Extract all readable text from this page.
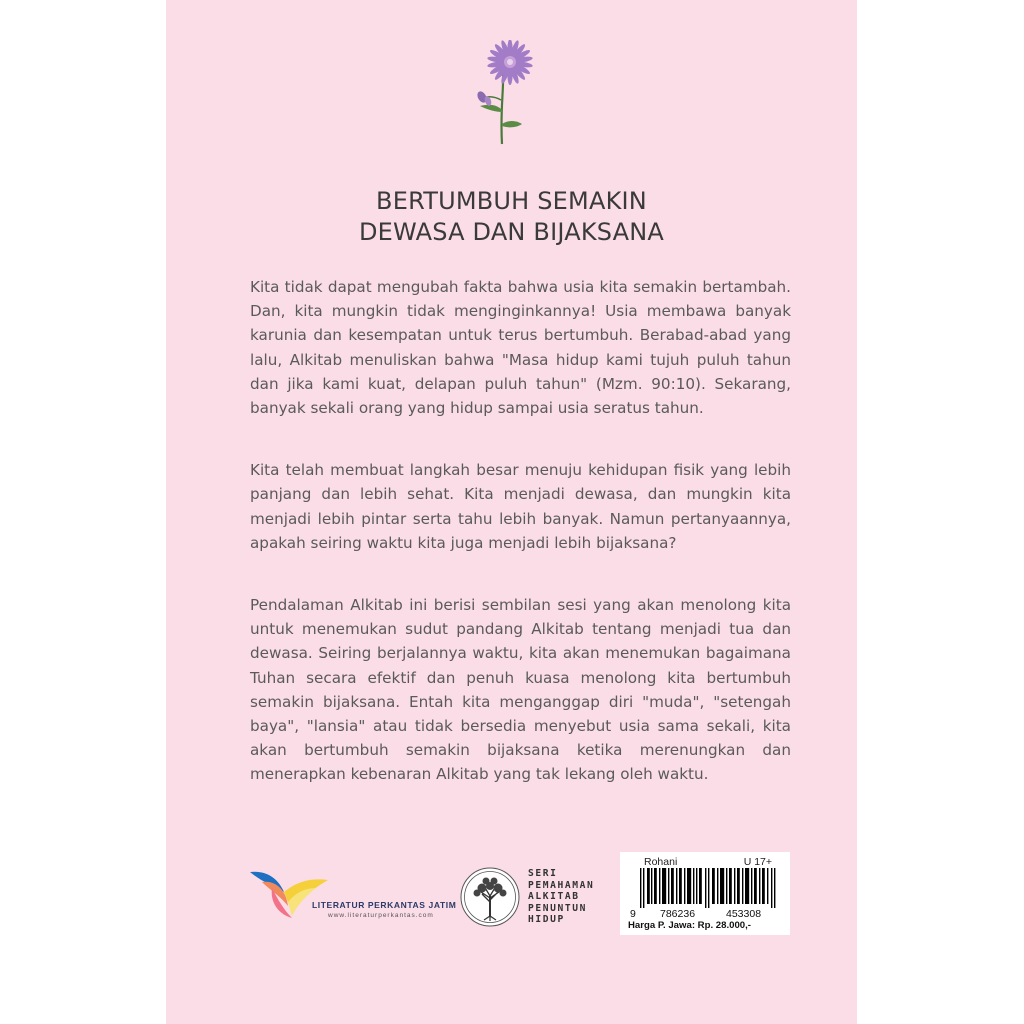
BERTUMBUH SEMAKIN
DEWASA DAN BIJAKSANA

Kita tidak dapat mengubah fakta bahwa usia kita semakin bertambah. Dan, kita mungkin tidak menginginkannya! Usia membawa banyak karunia dan kesempatan untuk terus bertumbuh. Berabad-abad yang lalu, Alkitab menuliskan bahwa "Masa hidup kami tujuh puluh tahun dan jika kami kuat, delapan puluh tahun" (Mzm. 90:10). Sekarang, banyak sekali orang yang hidup sampai usia seratus tahun.

Kita telah membuat langkah besar menuju kehidupan fisik yang lebih panjang dan lebih sehat. Kita menjadi dewasa, dan mungkin kita menjadi lebih pintar serta tahu lebih banyak. Namun pertanyaannya, apakah seiring waktu kita juga menjadi lebih bijaksana?

Pendalaman Alkitab ini berisi sembilan sesi yang akan menolong kita untuk menemukan sudut pandang Alkitab tentang menjadi tua dan dewasa. Seiring berjalannya waktu, kita akan menemukan bagaimana Tuhan secara efektif dan penuh kuasa menolong kita bertumbuh semakin bijaksana. Entah kita menganggap diri "muda", "setengah baya", "lansia" atau tidak bersedia menyebut usia sama sekali, kita akan bertumbuh semakin bijaksana ketika merenungkan dan menerapkan kebenaran Alkitab yang tak lekang oleh waktu.

LITERATUR PERKANTAS JATIM
www.literaturperkantas.com
SERI
PEMAHAMAN
ALKITAB
PENUNTUN
HIDUP
Rohani	U 17+
9 786236	453308
Harga P. Jawa: Rp. 28.000,-
